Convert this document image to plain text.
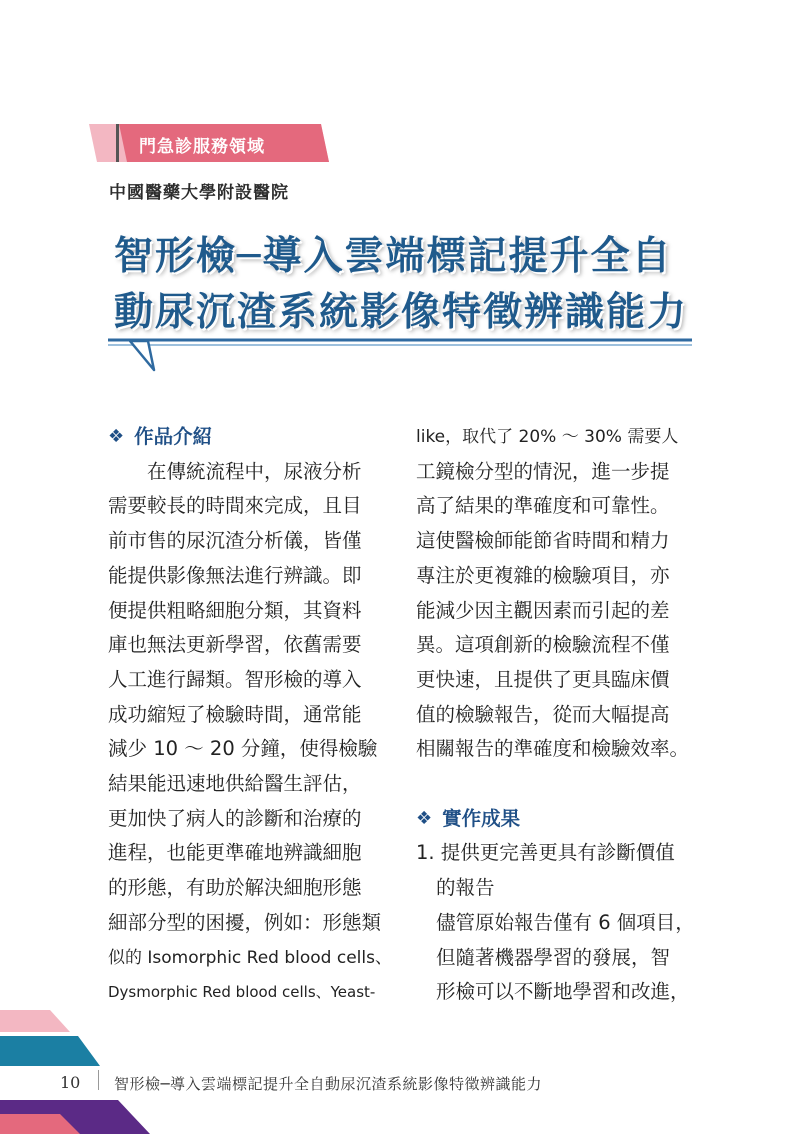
門急診服務領域
中國醫藥大學附設醫院
智形檢─導入雲端標記提升全自
動尿沉渣系統影像特徵辨識能力
❖ 作品介紹

　　在傳統流程中，尿液分析

需要較長的時間來完成，且目

前市售的尿沉渣分析儀，皆僅

能提供影像無法進行辨識。即

便提供粗略細胞分類，其資料

庫也無法更新學習，依舊需要

人工進行歸類。智形檢的導入

成功縮短了檢驗時間，通常能

減少 10 ～ 20 分鐘，使得檢驗

結果能迅速地供給醫生評估，

更加快了病人的診斷和治療的

進程，也能更準確地辨識細胞

的形態，有助於解決細胞形態

細部分型的困擾，例如：形態類

似的 Isomorphic Red blood cells、

Dysmorphic Red blood cells、Yeast-

like，取代了 20% ～ 30% 需要人

工鏡檢分型的情況，進一步提

高了結果的準確度和可靠性。

這使醫檢師能節省時間和精力

專注於更複雜的檢驗項目，亦

能減少因主觀因素而引起的差

異。這項創新的檢驗流程不僅

更快速，且提供了更具臨床價

值的檢驗報告，從而大幅提高

相關報告的準確度和檢驗效率。

❖ 實作成果

1. 提供更完善更具有診斷價值

的報告

儘管原始報告僅有 6 個項目，

但隨著機器學習的發展，智

形檢可以不斷地學習和改進，

10 智形檢─導入雲端標記提升全自動尿沉渣系統影像特徵辨識能力
